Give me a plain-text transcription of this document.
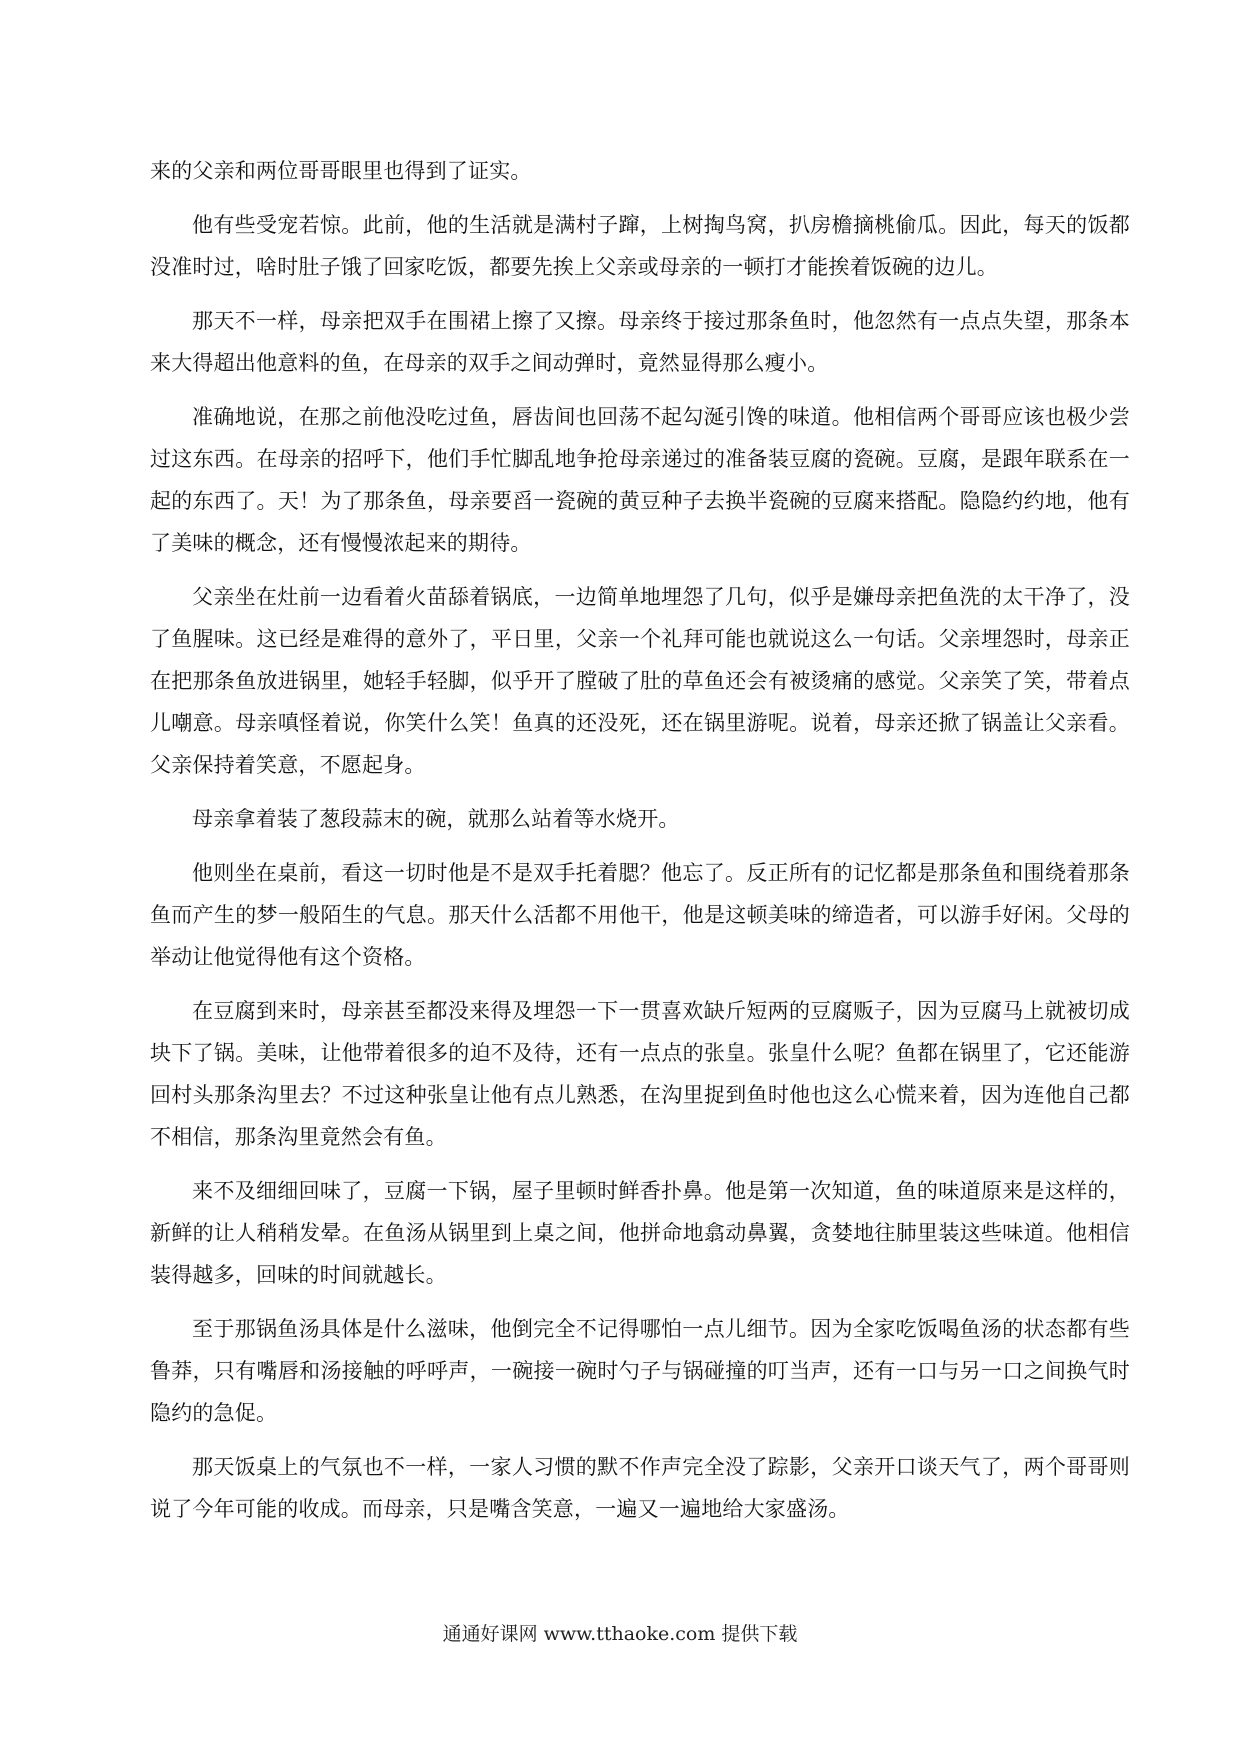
来的父亲和两位哥哥眼里也得到了证实。

他有些受宠若惊。此前，他的生活就是满村子蹿，上树掏鸟窝，扒房檐摘桃偷瓜。因此，每天的饭都没准时过，啥时肚子饿了回家吃饭，都要先挨上父亲或母亲的一顿打才能挨着饭碗的边儿。

那天不一样，母亲把双手在围裙上擦了又擦。母亲终于接过那条鱼时，他忽然有一点点失望，那条本来大得超出他意料的鱼，在母亲的双手之间动弹时，竟然显得那么瘦小。

准确地说，在那之前他没吃过鱼，唇齿间也回荡不起勾涎引馋的味道。他相信两个哥哥应该也极少尝过这东西。在母亲的招呼下，他们手忙脚乱地争抢母亲递过的准备装豆腐的瓷碗。豆腐，是跟年联系在一起的东西了。天！为了那条鱼，母亲要舀一瓷碗的黄豆种子去换半瓷碗的豆腐来搭配。隐隐约约地，他有了美味的概念，还有慢慢浓起来的期待。

父亲坐在灶前一边看着火苗舔着锅底，一边简单地埋怨了几句，似乎是嫌母亲把鱼洗的太干净了，没了鱼腥味。这已经是难得的意外了，平日里，父亲一个礼拜可能也就说这么一句话。父亲埋怨时，母亲正在把那条鱼放进锅里，她轻手轻脚，似乎开了膛破了肚的草鱼还会有被烫痛的感觉。父亲笑了笑，带着点儿嘲意。母亲嗔怪着说，你笑什么笑！鱼真的还没死，还在锅里游呢。说着，母亲还掀了锅盖让父亲看。父亲保持着笑意，不愿起身。

母亲拿着装了葱段蒜末的碗，就那么站着等水烧开。

他则坐在桌前，看这一切时他是不是双手托着腮？他忘了。反正所有的记忆都是那条鱼和围绕着那条鱼而产生的梦一般陌生的气息。那天什么活都不用他干，他是这顿美味的缔造者，可以游手好闲。父母的举动让他觉得他有这个资格。

在豆腐到来时，母亲甚至都没来得及埋怨一下一贯喜欢缺斤短两的豆腐贩子，因为豆腐马上就被切成块下了锅。美味，让他带着很多的迫不及待，还有一点点的张皇。张皇什么呢？鱼都在锅里了，它还能游回村头那条沟里去？不过这种张皇让他有点儿熟悉，在沟里捉到鱼时他也这么心慌来着，因为连他自己都不相信，那条沟里竟然会有鱼。

来不及细细回味了，豆腐一下锅，屋子里顿时鲜香扑鼻。他是第一次知道，鱼的味道原来是这样的，新鲜的让人稍稍发晕。在鱼汤从锅里到上桌之间，他拼命地翕动鼻翼，贪婪地往肺里装这些味道。他相信装得越多，回味的时间就越长。

至于那锅鱼汤具体是什么滋味，他倒完全不记得哪怕一点儿细节。因为全家吃饭喝鱼汤的状态都有些鲁莽，只有嘴唇和汤接触的呼呼声，一碗接一碗时勺子与锅碰撞的叮当声，还有一口与另一口之间换气时隐约的急促。

那天饭桌上的气氛也不一样，一家人习惯的默不作声完全没了踪影，父亲开口谈天气了，两个哥哥则说了今年可能的收成。而母亲，只是嘴含笑意，一遍又一遍地给大家盛汤。

通通好课网 www.tthaoke.com 提供下载
